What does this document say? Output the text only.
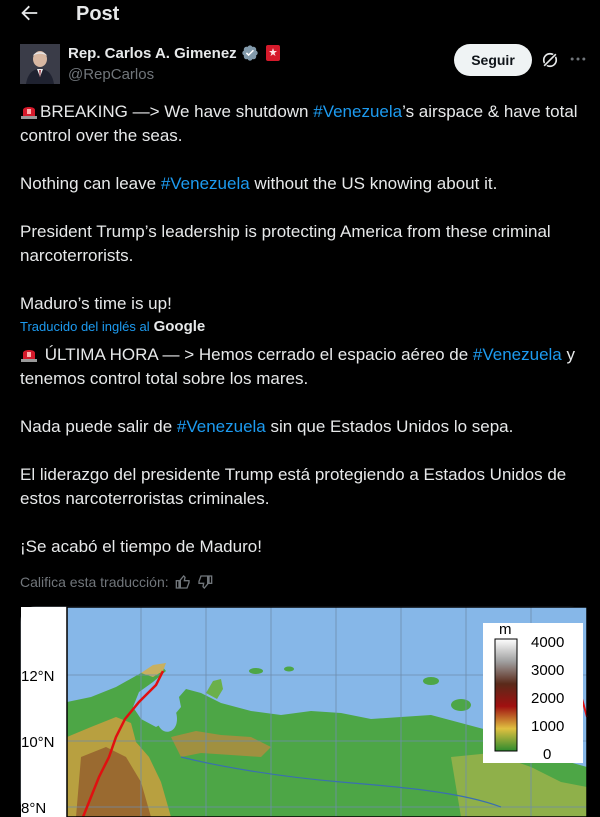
Post
Rep. Carlos A. Gimenez
@RepCarlos
Seguir
BREAKING —> We have shutdown #Venezuela’s airspace & have total control over the seas.
Nothing can leave #Venezuela without the US knowing about it.
President Trump’s leadership is protecting America from these criminal narcoterrorists.
Maduro’s time is up!
Traducido del inglés al Google
ÚLTIMA HORA — > Hemos cerrado el espacio aéreo de #Venezuela y tenemos control total sobre los mares.
Nada puede salir de #Venezuela sin que Estados Unidos lo sepa.
El liderazgo del presidente Trump está protegiendo a Estados Unidos de estos narcoterroristas criminales.
¡Se acabó el tiempo de Maduro!
Califica esta traducción:
12°N
10°N
8°N
m
4000
3000
2000
1000
0
